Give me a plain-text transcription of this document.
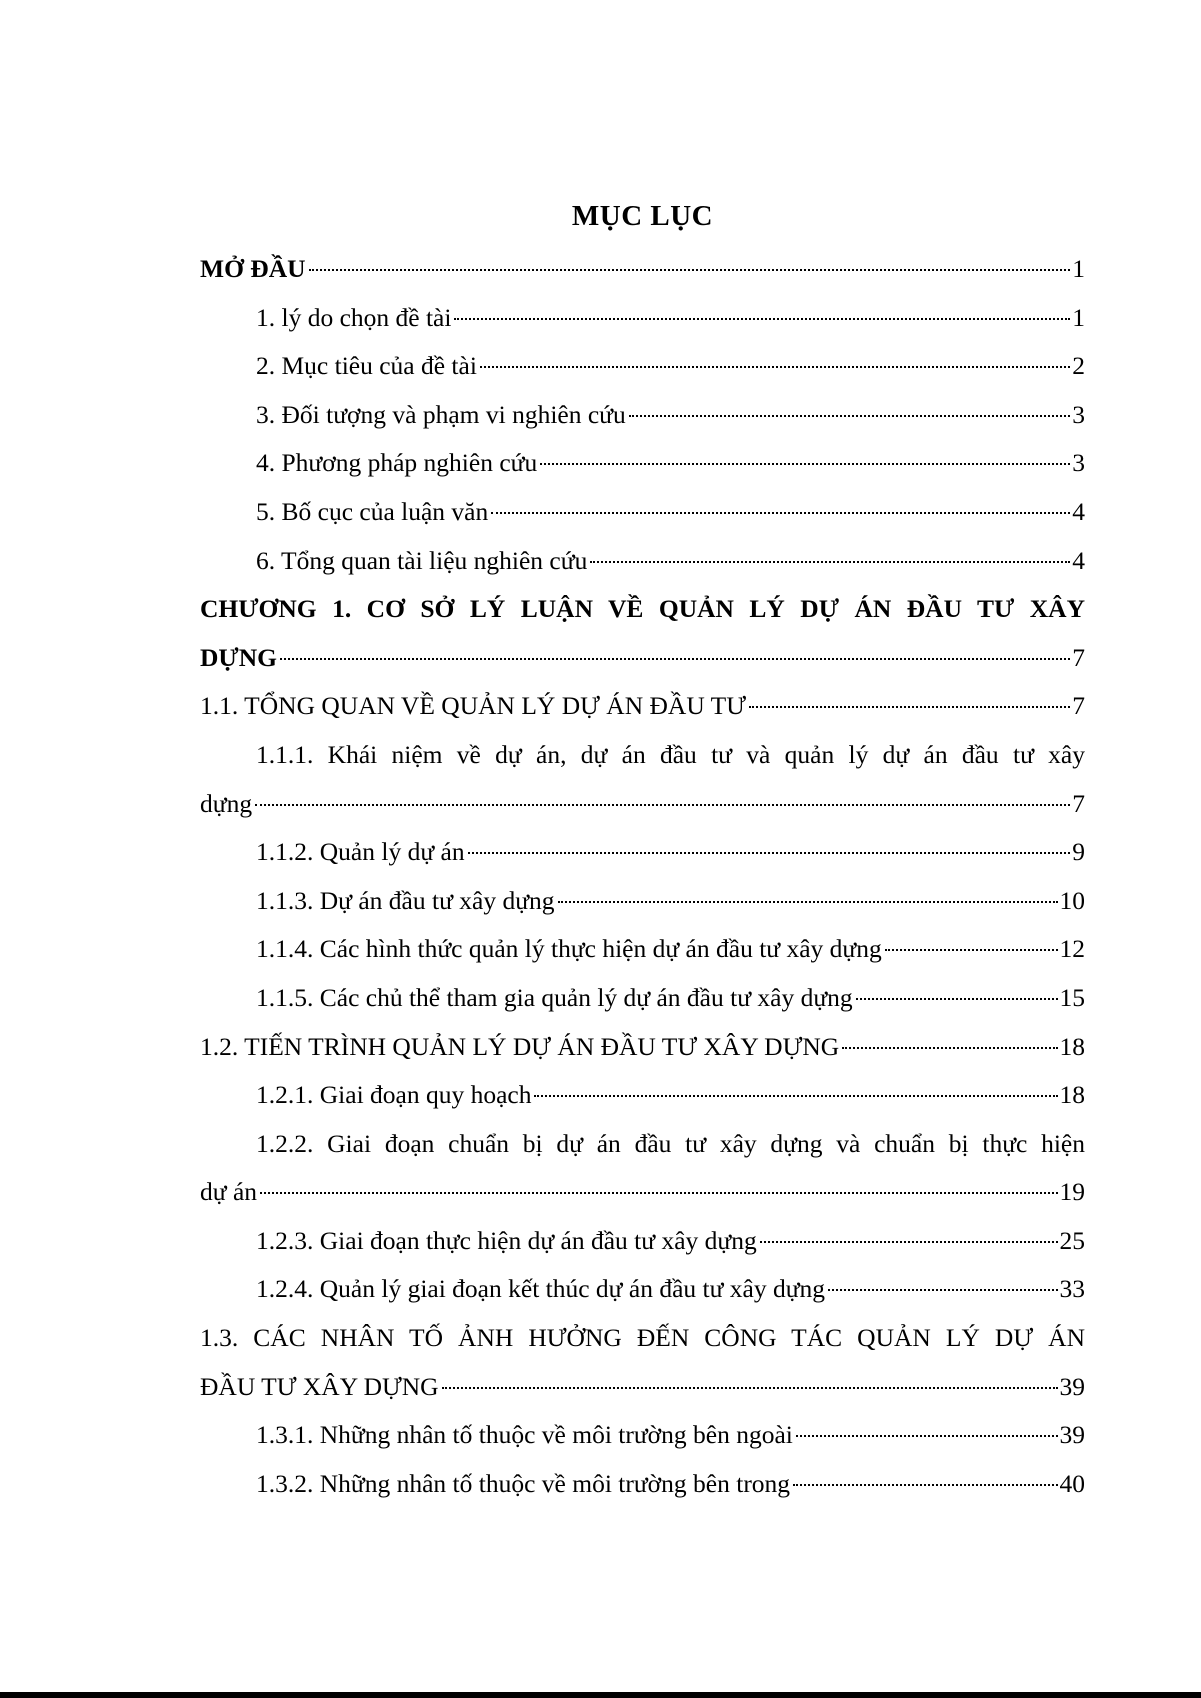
MỤC LỤC
MỞ ĐẦU	1
1. lý do chọn đề tài	1
2. Mục tiêu của đề tài	2
3. Đối tượng và phạm vi nghiên cứu	3
4. Phương pháp nghiên cứu	3
5. Bố cục của luận văn	4
6. Tổng quan tài liệu nghiên cứu	4
CHƯƠNG 1. CƠ SỞ LÝ LUẬN VỀ QUẢN LÝ DỰ ÁN ĐẦU TƯ XÂY
DỰNG	7
1.1. TỔNG QUAN VỀ QUẢN LÝ DỰ ÁN ĐẦU TƯ	7
1.1.1. Khái niệm về dự án, dự án đầu tư và quản lý dự án đầu tư xây
dựng	7
1.1.2. Quản lý dự án	9
1.1.3. Dự án đầu tư xây dựng	10
1.1.4. Các hình thức quản lý thực hiện dự án đầu tư xây dựng	12
1.1.5. Các chủ thể tham gia quản lý dự án đầu tư xây dựng	15
1.2. TIẾN TRÌNH QUẢN LÝ DỰ ÁN ĐẦU TƯ XÂY DỰNG	18
1.2.1. Giai đoạn quy hoạch	18
1.2.2. Giai đoạn chuẩn bị dự án đầu tư xây dựng và chuẩn bị thực hiện
dự án	19
1.2.3. Giai đoạn thực hiện dự án đầu tư xây dựng	25
1.2.4. Quản lý giai đoạn kết thúc dự án đầu tư xây dựng	33
1.3. CÁC NHÂN TỐ ẢNH HƯỞNG ĐẾN CÔNG TÁC QUẢN LÝ DỰ ÁN
ĐẦU TƯ XÂY DỰNG	39
1.3.1. Những nhân tố thuộc về môi trường bên ngoài	39
1.3.2. Những nhân tố thuộc về môi trường bên trong	40
